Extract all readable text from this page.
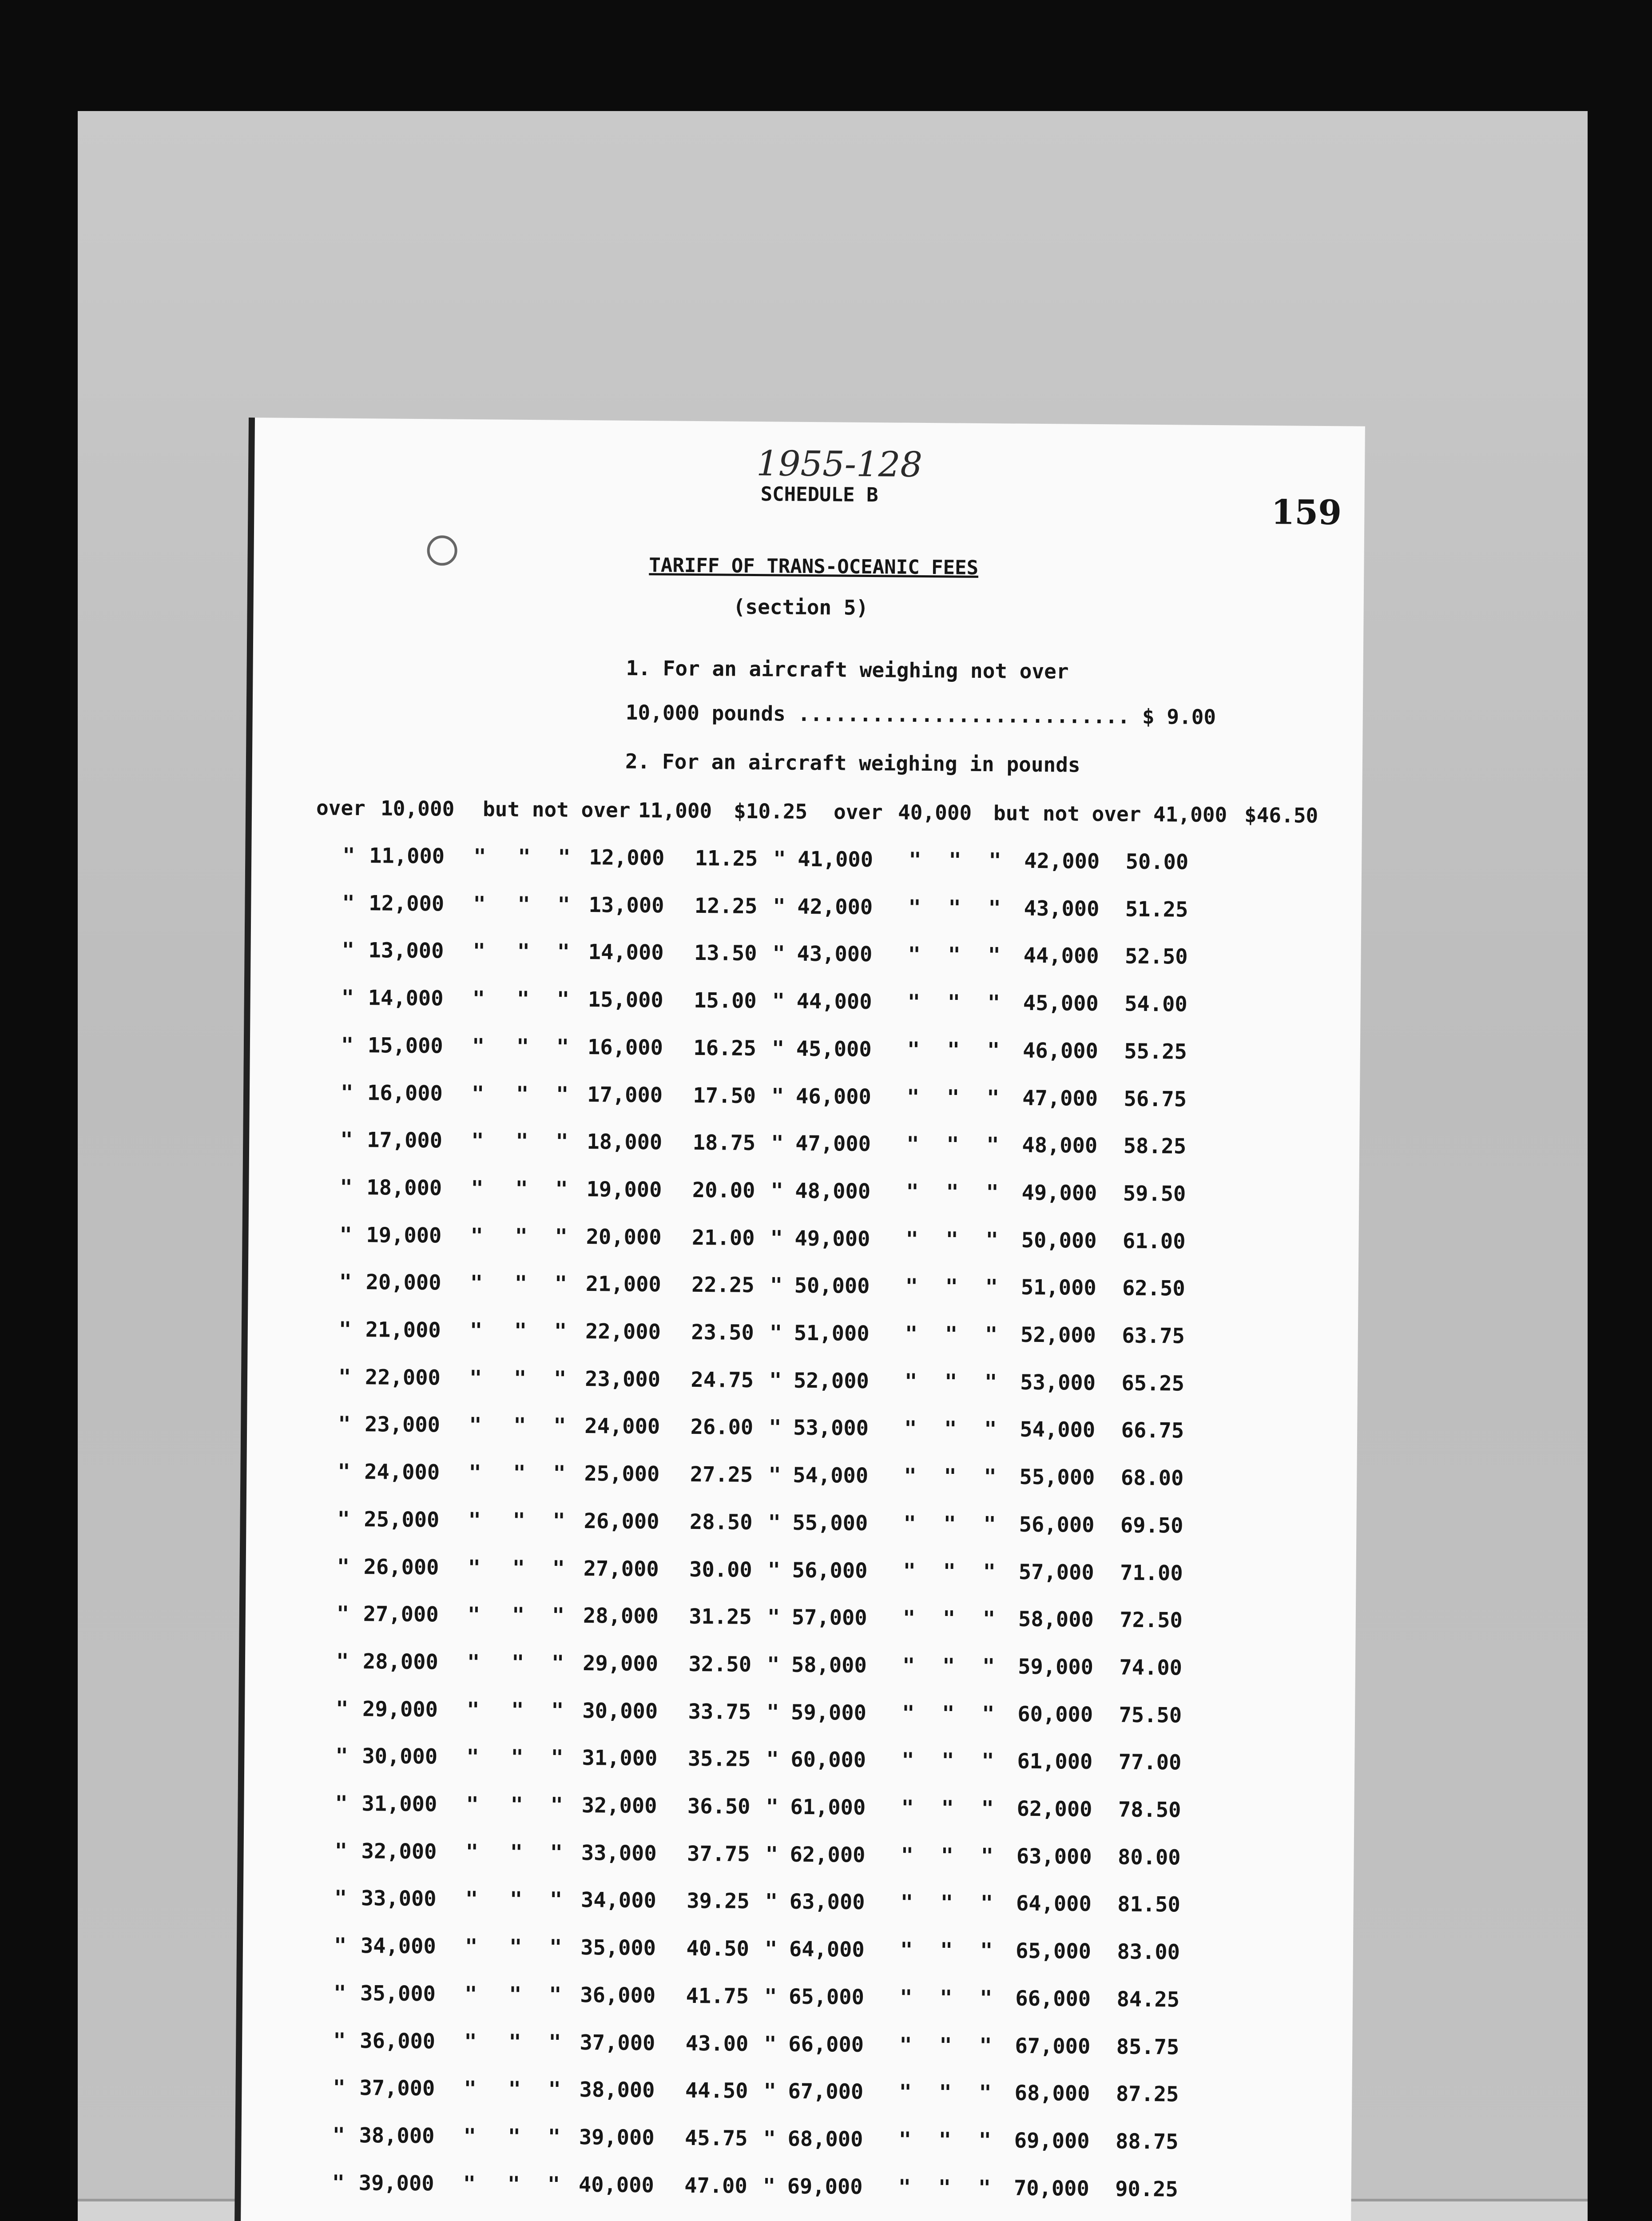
1955-128
SCHEDULE B	159
TARIFF OF TRANS-OCEANIC FEES
(section 5)
1. For an aircraft weighing not over
10,000 pounds ........................... $ 9.00
2. For an aircraft weighing in pounds
over 10,000 but not over 11,000 $10.25 over 40,000 but not over 41,000 $46.50
" 11,000 " " " 12,000	11.25 " 41,000 " " "	42,000	50.00
" 12,000 " " " 13,000	12.25 " 42,000 " " "	43,000	51.25
" 13,000 " " " 14,000	13.50 " 43,000 " " "	44,000	52.50
" 14,000 " " " 15,000	15.00 " 44,000 " " "	45,000	54.00
" 15,000 " " " 16,000	16.25 " 45,000 " " "	46,000	55.25
" 16,000 " " " 17,000	17.50 " 46,000 " " "	47,000	56.75
" 17,000 " " " 18,000	18.75 " 47,000 " " "	48,000	58.25
" 18,000 " " " 19,000	20.00 " 48,000 " " "	49,000	59.50
" 19,000 " " " 20,000	21.00 " 49,000 " " "	50,000	61.00
" 20,000 " " " 21,000	22.25 " 50,000 " " "	51,000	62.50
" 21,000 " " " 22,000	23.50 " 51,000 " " "	52,000	63.75
" 22,000 " " " 23,000	24.75 " 52,000 " " "	53,000	65.25
" 23,000 " " " 24,000	26.00 " 53,000 " " "	54,000	66.75
" 24,000 " " " 25,000	27.25 " 54,000 " " "	55,000	68.00
" 25,000 " " " 26,000	28.50 " 55,000 " " "	56,000	69.50
" 26,000 " " " 27,000	30.00 " 56,000 " " "	57,000	71.00
" 27,000 " " " 28,000	31.25 " 57,000 " " "	58,000	72.50
" 28,000 " " " 29,000	32.50 " 58,000 " " "	59,000	74.00
" 29,000 " " " 30,000	33.75 " 59,000 " " "	60,000	75.50
" 30,000 " " " 31,000	35.25 " 60,000 " " "	61,000	77.00
" 31,000 " " " 32,000	36.50 " 61,000 " " "	62,000	78.50
" 32,000 " " " 33,000	37.75 " 62,000 " " "	63,000	80.00
" 33,000 " " " 34,000	39.25 " 63,000 " " "	64,000	81.50
" 34,000 " " " 35,000	40.50 " 64,000 " " "	65,000	83.00
" 35,000 " " " 36,000	41.75 " 65,000 " " "	66,000	84.25
" 36,000 " " " 37,000	43.00 " 66,000 " " "	67,000	85.75
" 37,000 " " " 38,000	44.50 " 67,000 " " "	68,000	87.25
" 38,000 " " " 39,000	45.75 " 68,000 " " "	69,000	88.75
" 39,000 " " " 40,000	47.00 " 69,000 " " "	70,000	90.25
